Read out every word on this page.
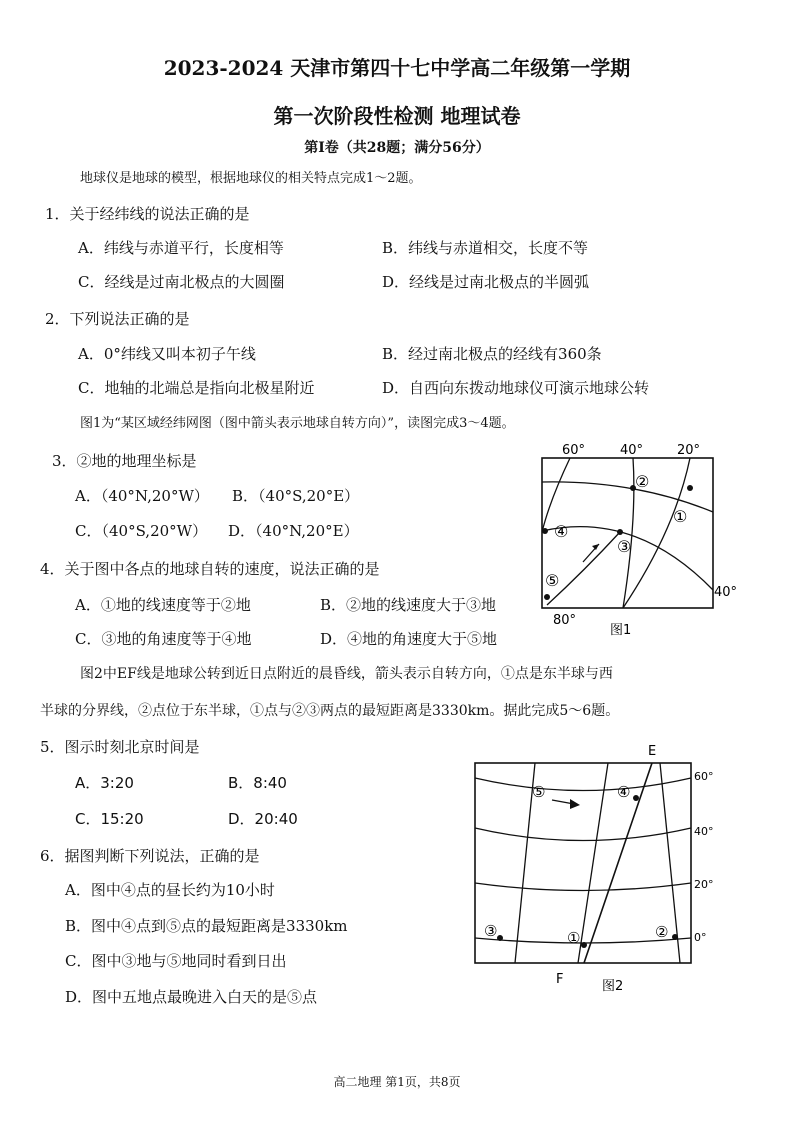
2023-2024 天津市第四十七中学高二年级第一学期
第一次阶段性检测 地理试卷
第I卷（共28题；满分56分）
地球仪是地球的模型，根据地球仪的相关特点完成1～2题。
1．关于经纬线的说法正确的是
A．纬线与赤道平行，长度相等	B．纬线与赤道相交，长度不等
C．经线是过南北极点的大圆圈	D．经线是过南北极点的半圆弧
2．下列说法正确的是
A．0°纬线又叫本初子午线	B．经过南北极点的经线有360条
C．地轴的北端总是指向北极星附近	D．自西向东拨动地球仪可演示地球公转
图1为“某区域经纬网图（图中箭头表示地球自转方向）”，读图完成3～4题。
3．②地的地理坐标是
A．（40°N,20°W） B．（40°S,20°E）
C．（40°S,20°W） D．（40°N,20°E）
4．关于图中各点的地球自转的速度，说法正确的是
A．①地的线速度等于②地	B．②地的线速度大于③地
C．③地的角速度等于④地	D．④地的角速度大于⑤地
①
②
③
④
⑤
60°	40°	20°
40°
80°
图1
图2中EF线是地球公转到近日点附近的晨昏线，箭头表示自转方向，①点是东半球与西
半球的分界线，②点位于东半球，①点与②③两点的最短距离是3330km。据此完成5～6题。
5．图示时刻北京时间是
A．3:20	B．8:40
C．15:20	D．20:40
6．据图判断下列说法，正确的是
A．图中④点的昼长约为10小时
B．图中④点到⑤点的最短距离是3330km
C．图中③地与⑤地同时看到日出
D．图中五地点最晚进入白天的是⑤点
⑤	④
①	②
③
E
F
60°
40°
20°
0°
图2
高二地理 第1页，共8页
